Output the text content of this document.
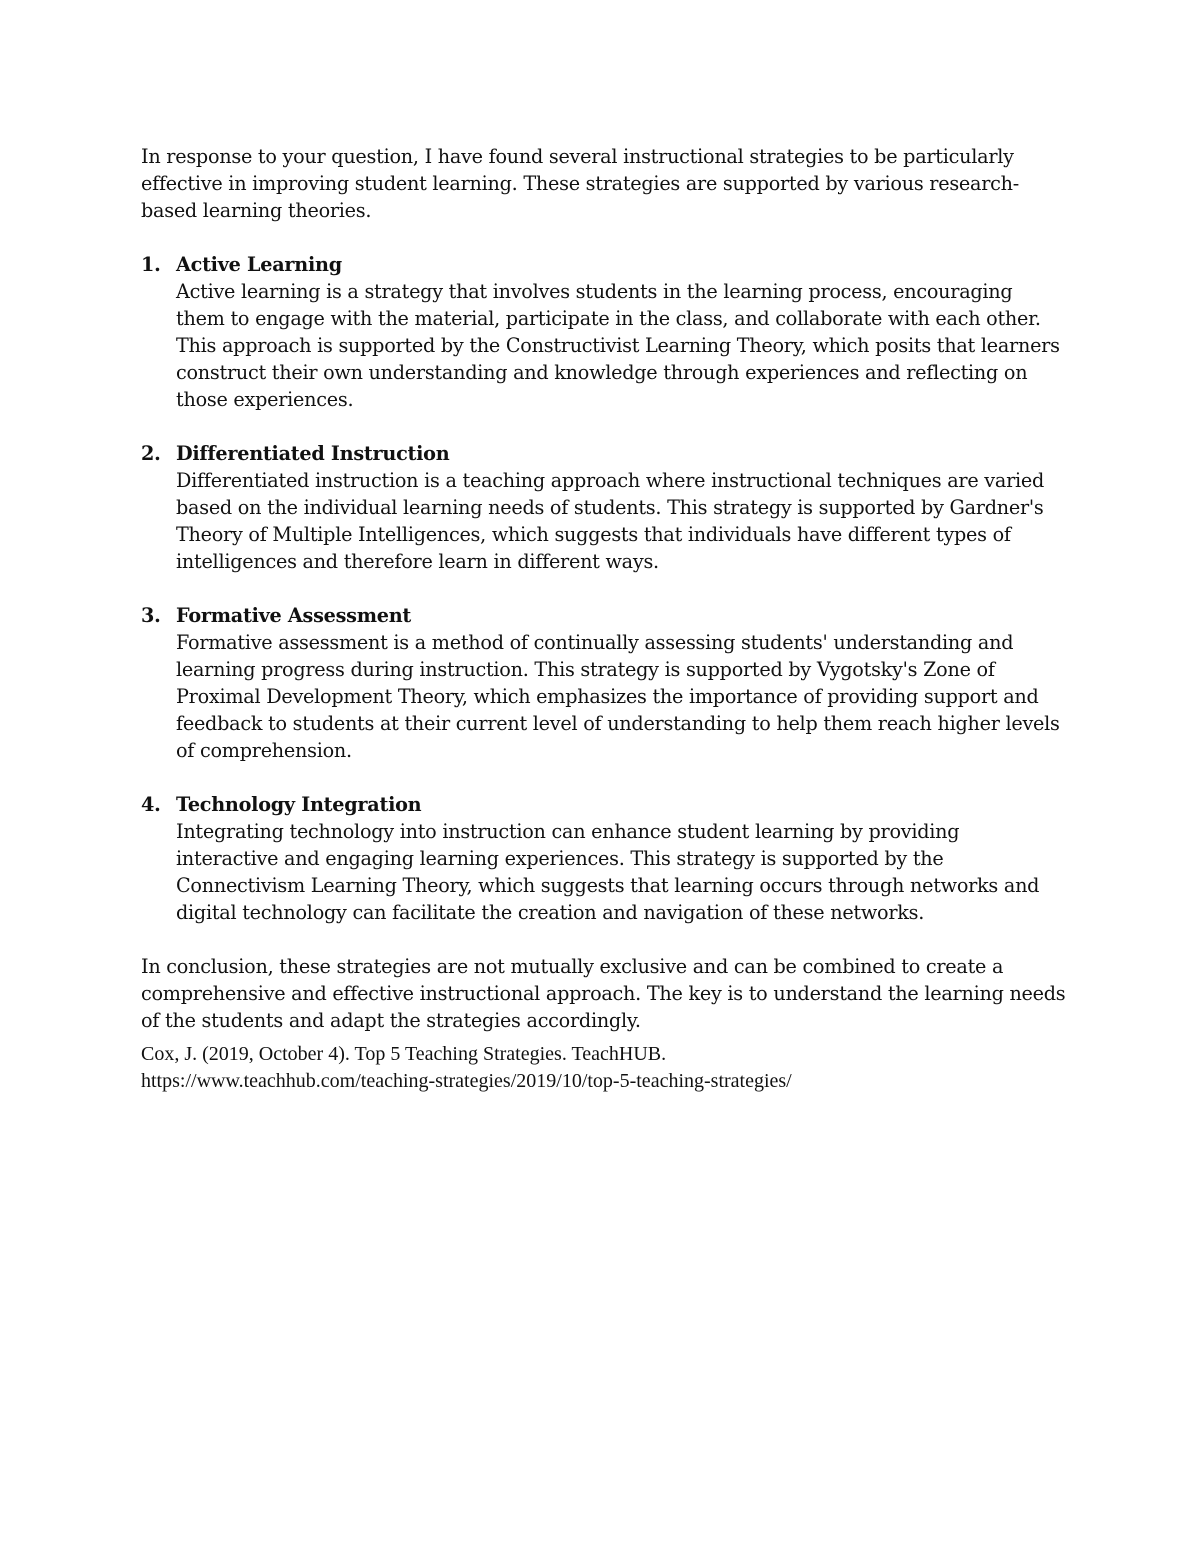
In response to your question, I have found several instructional strategies to be particularly effective in improving student learning. These strategies are supported by various research-based learning theories.

1. Active Learning
Active learning is a strategy that involves students in the learning process, encouraging them to engage with the material, participate in the class, and collaborate with each other. This approach is supported by the Constructivist Learning Theory, which posits that learners construct their own understanding and knowledge through experiences and reflecting on those experiences.
2. Differentiated Instruction
Differentiated instruction is a teaching approach where instructional techniques are varied based on the individual learning needs of students. This strategy is supported by Gardner's Theory of Multiple Intelligences, which suggests that individuals have different types of intelligences and therefore learn in different ways.
3. Formative Assessment
Formative assessment is a method of continually assessing students' understanding and learning progress during instruction. This strategy is supported by Vygotsky's Zone of Proximal Development Theory, which emphasizes the importance of providing support and feedback to students at their current level of understanding to help them reach higher levels of comprehension.
4. Technology Integration
Integrating technology into instruction can enhance student learning by providing interactive and engaging learning experiences. This strategy is supported by the Connectivism Learning Theory, which suggests that learning occurs through networks and digital technology can facilitate the creation and navigation of these networks.

In conclusion, these strategies are not mutually exclusive and can be combined to create a comprehensive and effective instructional approach. The key is to understand the learning needs of the students and adapt the strategies accordingly.

Cox, J. (2019, October 4). Top 5 Teaching Strategies. TeachHUB.
https://www.teachhub.com/teaching-strategies/2019/10/top-5-teaching-strategies/
